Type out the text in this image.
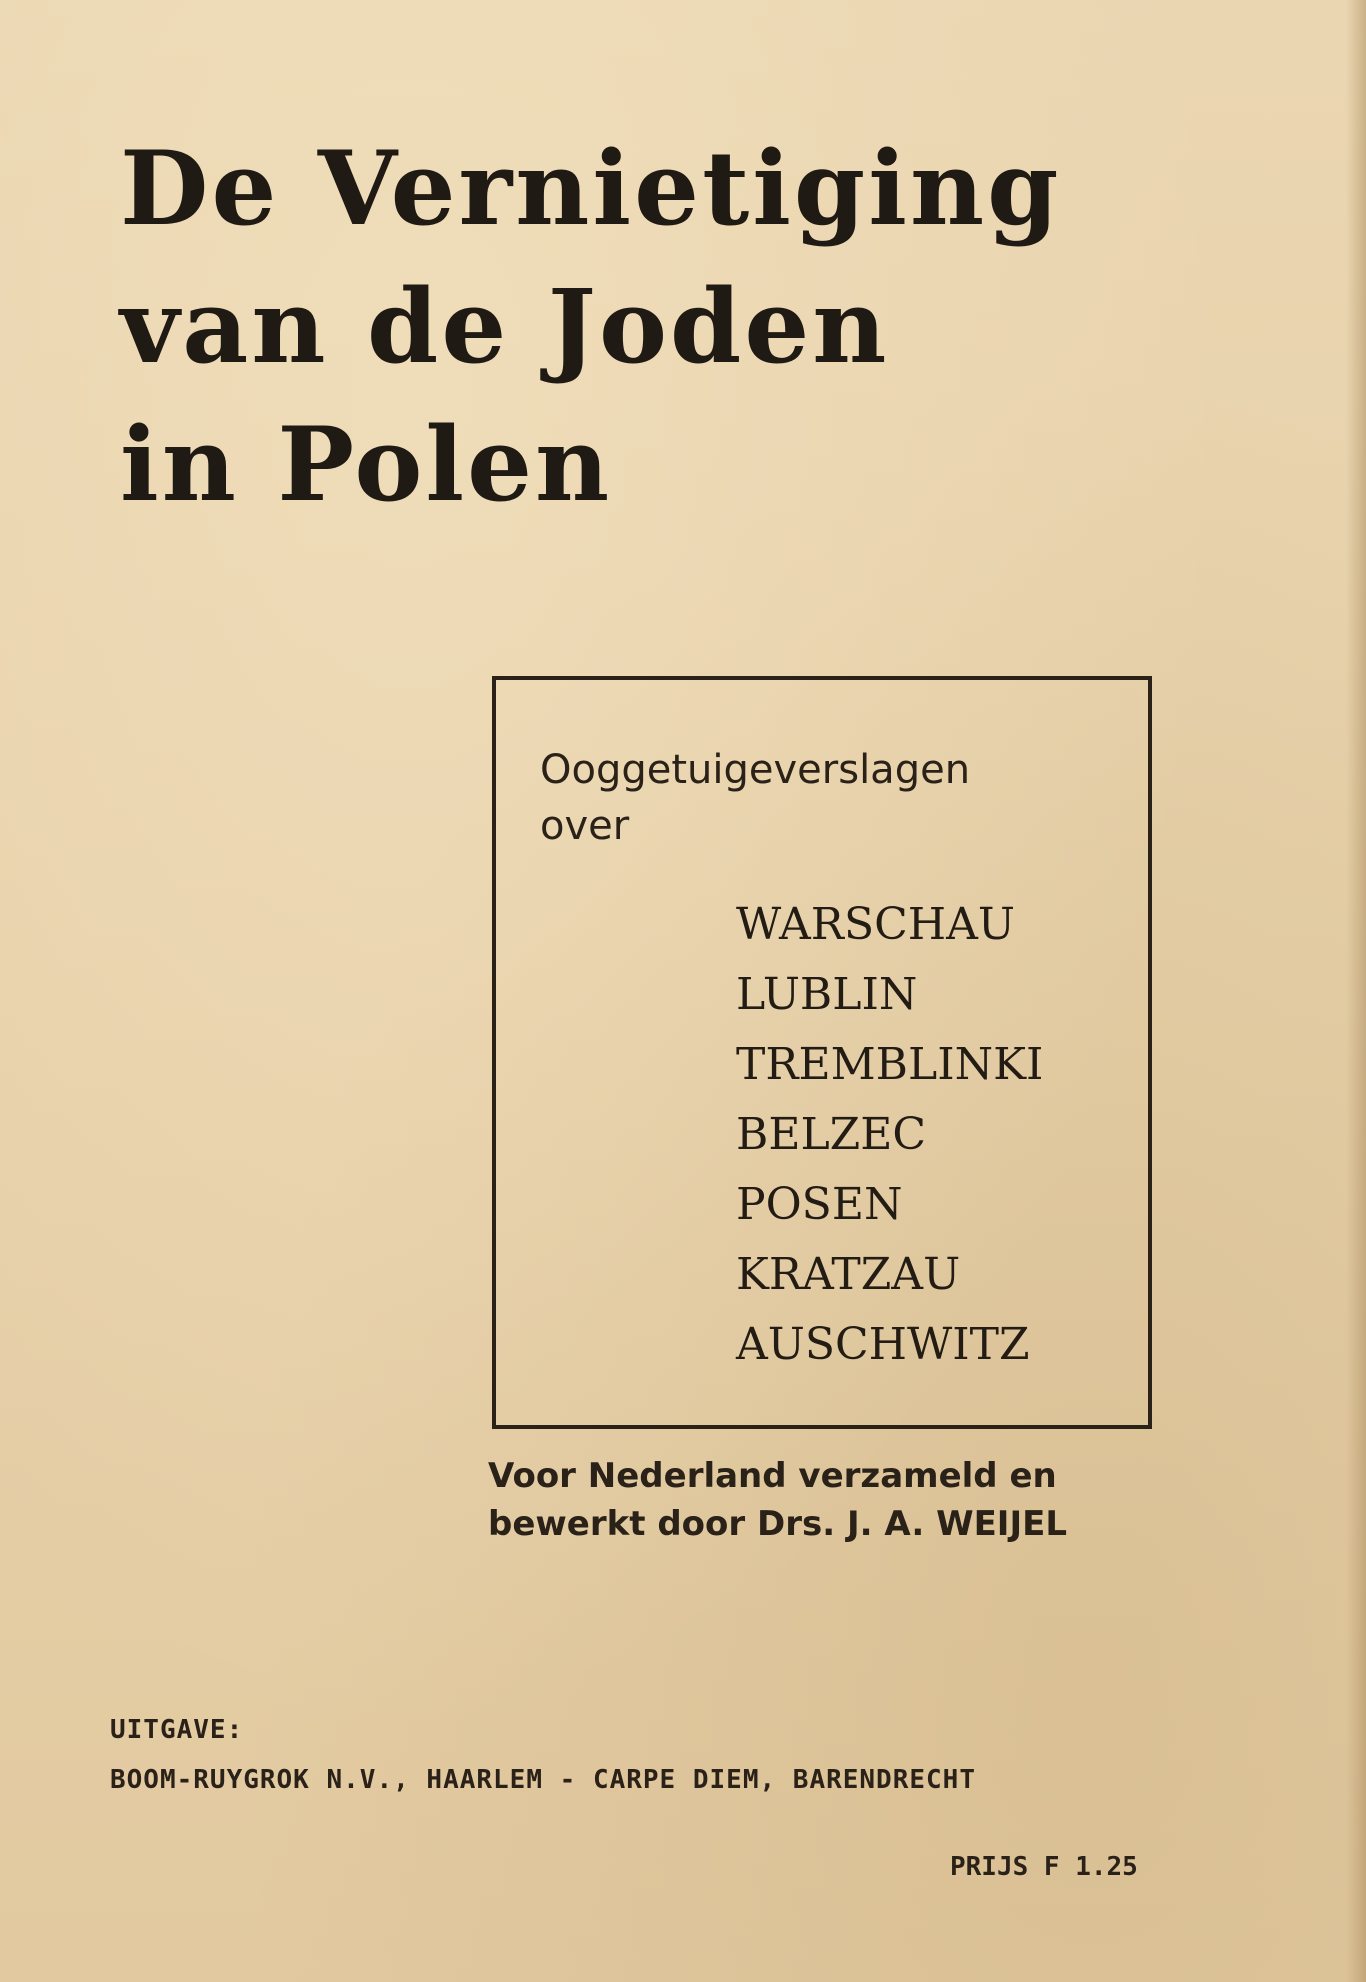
De Vernietiging
van de Joden
in Polen
Ooggetuigeverslagen
over
WARSCHAU
LUBLIN
TREMBLINKI
BELZEC
POSEN
KRATZAU
AUSCHWITZ
Voor Nederland verzameld en
bewerkt door Drs. J. A. WEIJEL
UITGAVE:
BOOM-RUYGROK N.V., HAARLEM - CARPE DIEM, BARENDRECHT
PRIJS F 1.25
